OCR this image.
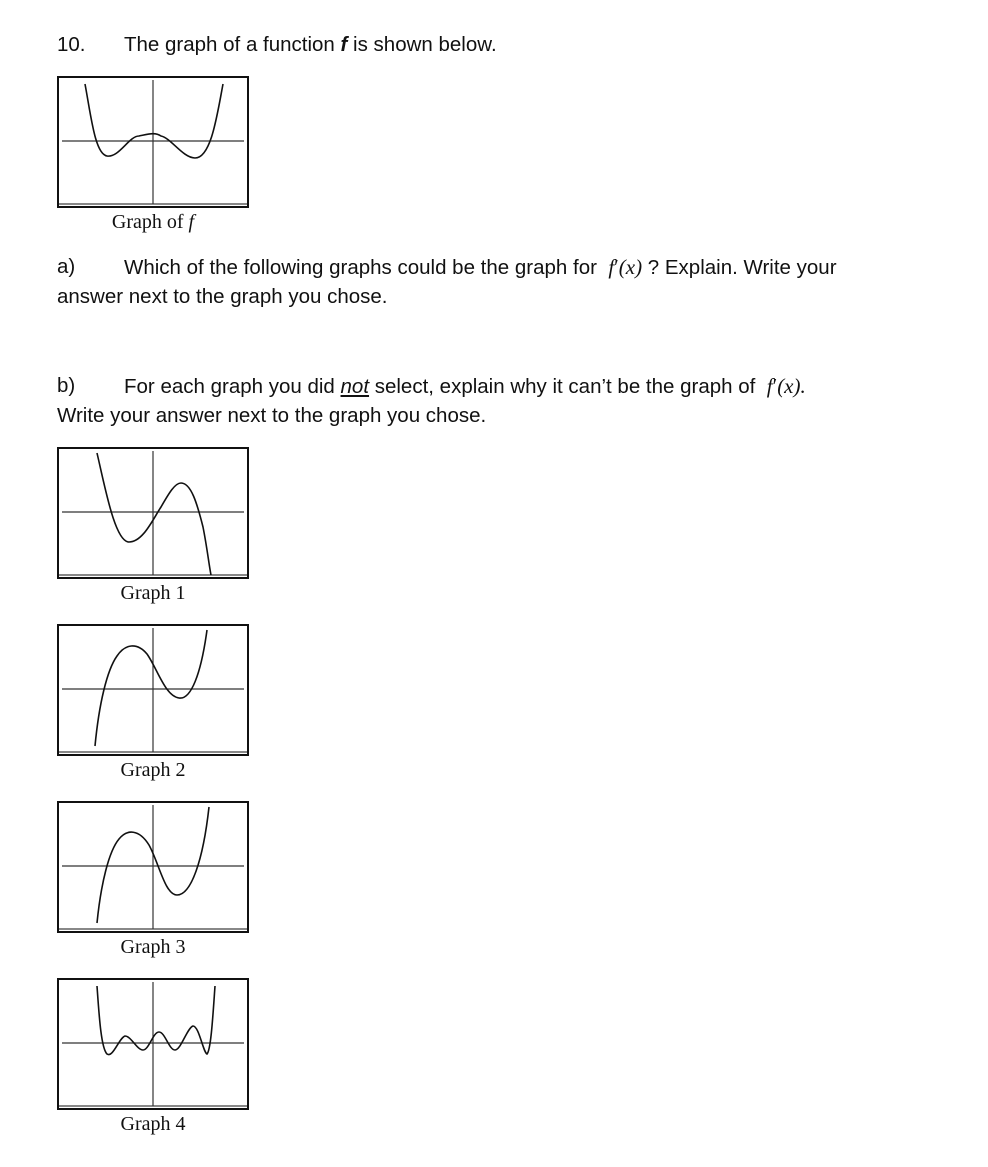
10. The graph of a function f is shown below.
Graph of f
a) Which of the following graphs could be the graph for f′(x) ? Explain. Write your
answer next to the graph you chose.
b) For each graph you did not select, explain why it can’t be the graph of f′(x).
Write your answer next to the graph you chose.
Graph 1
Graph 2
Graph 3
Graph 4
